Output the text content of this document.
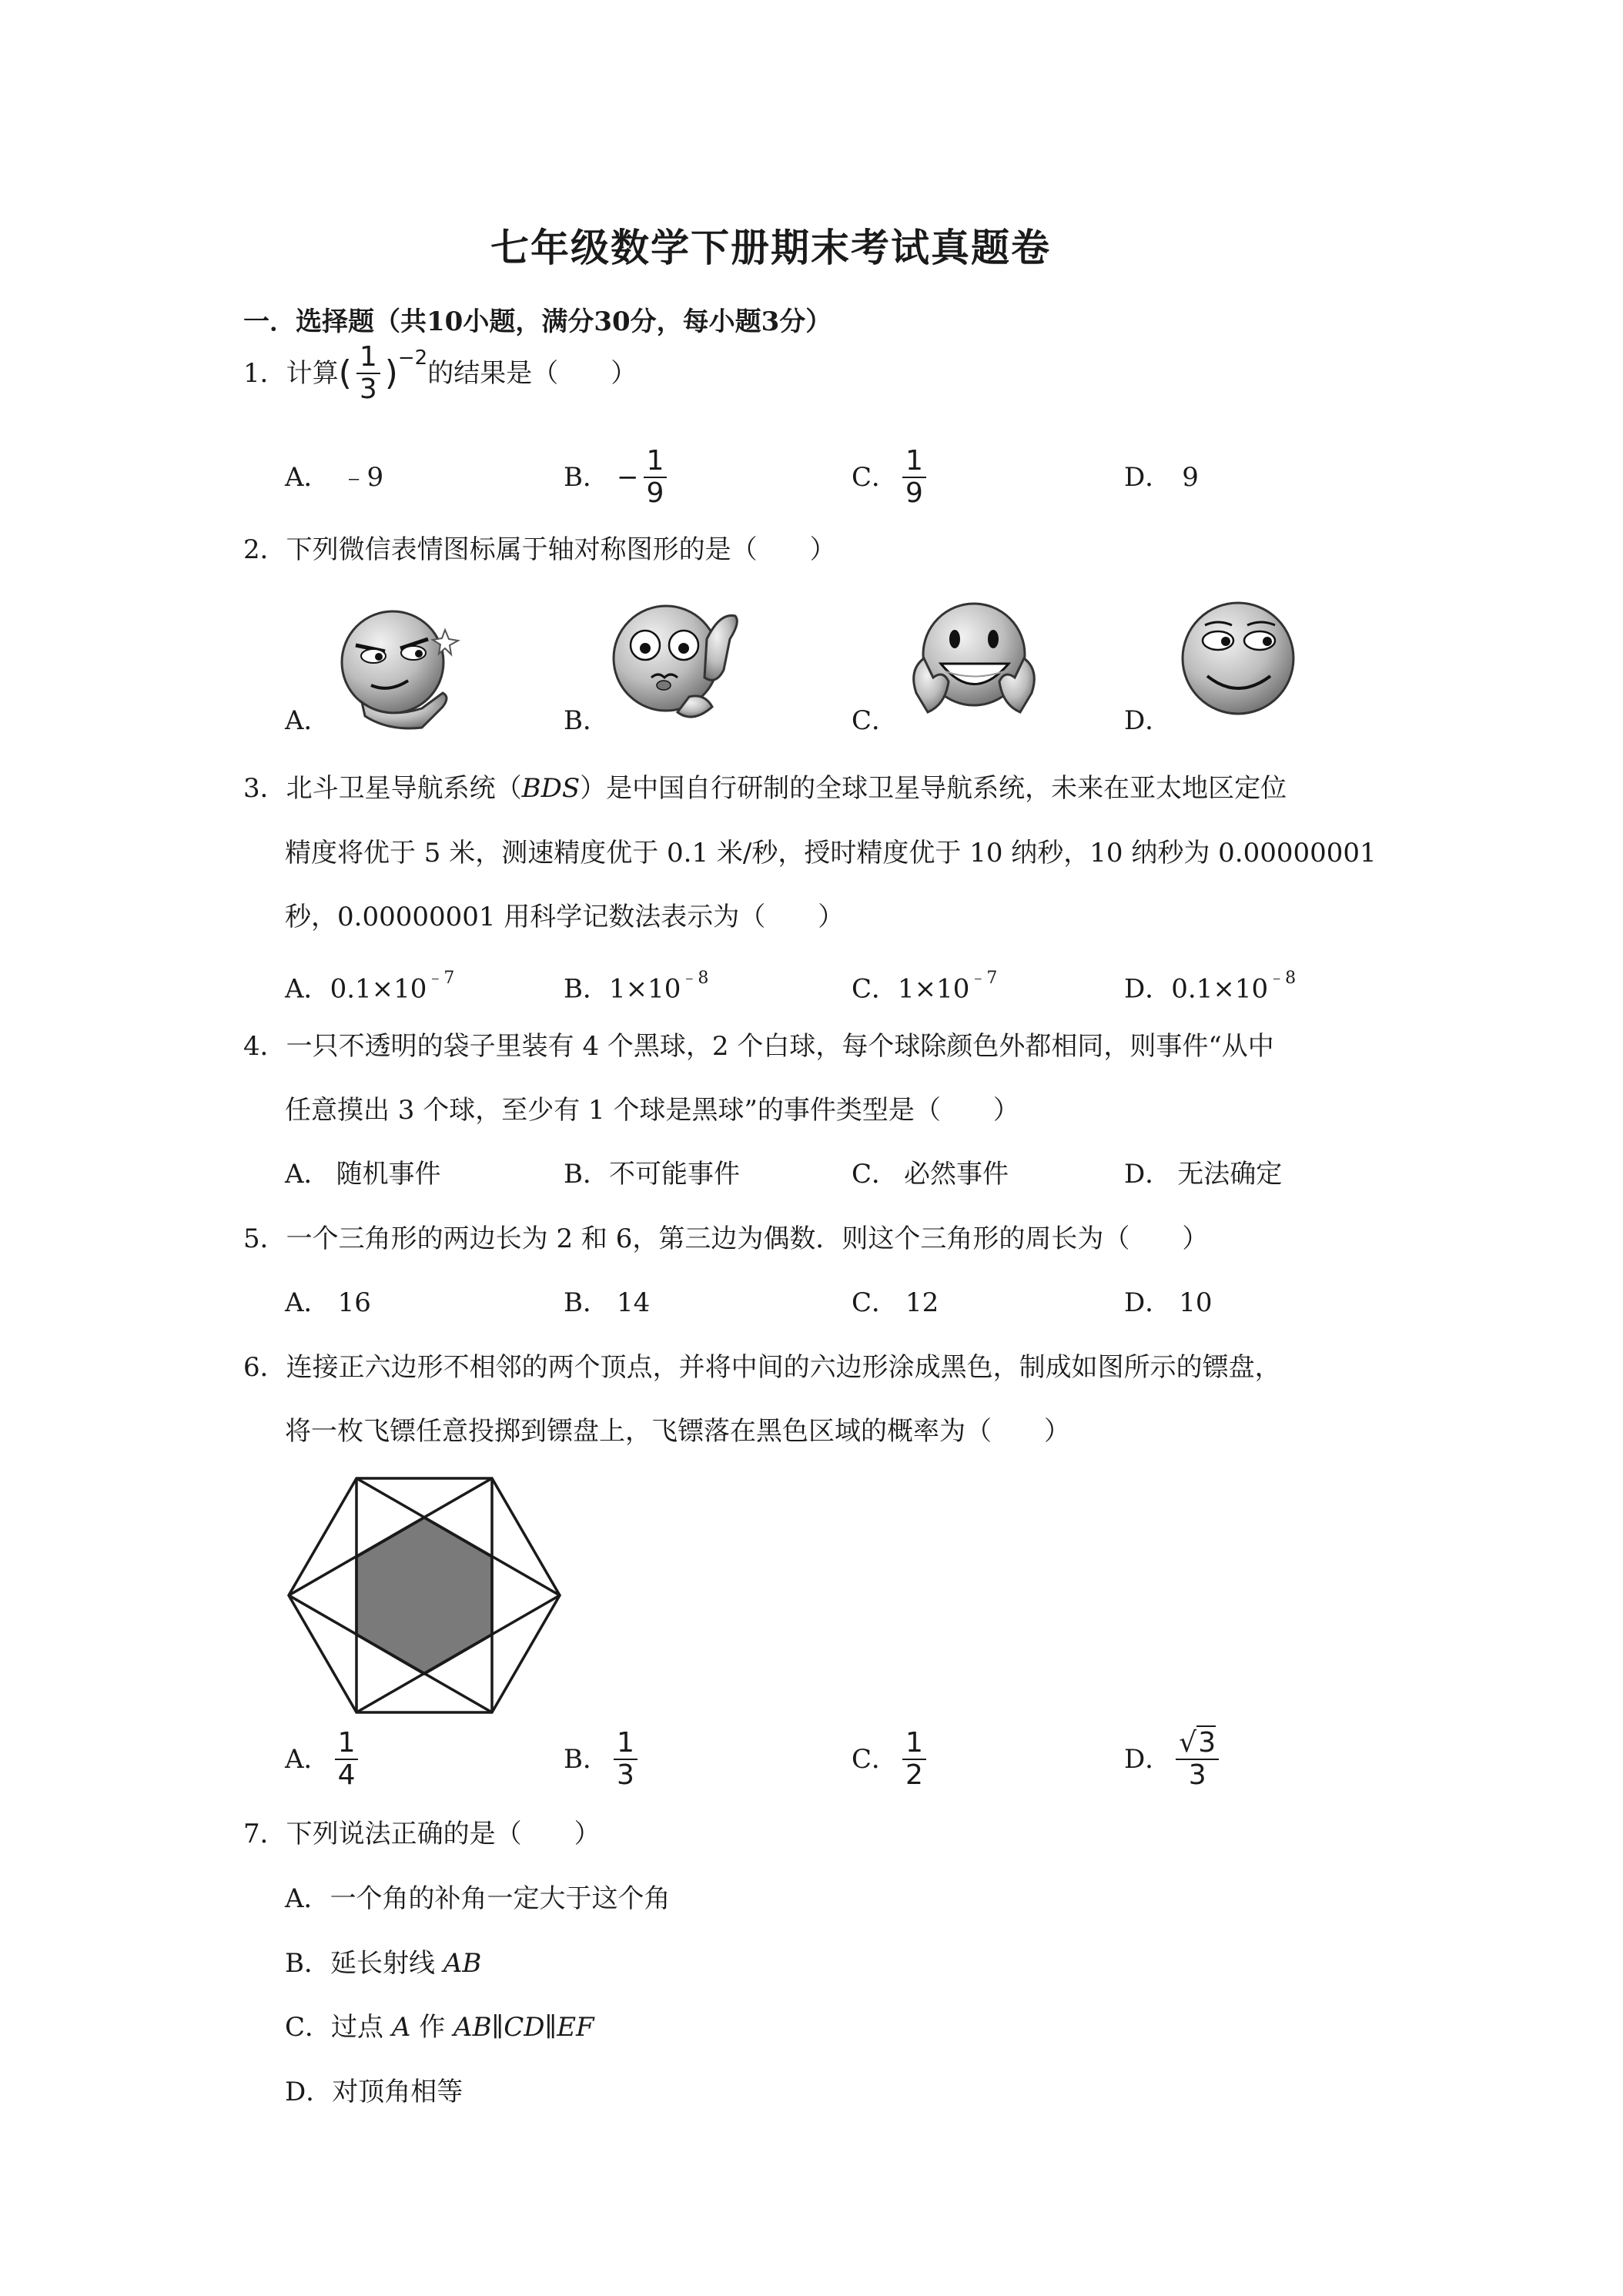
七年级数学下册期末考试真题卷
一．选择题（共10小题，满分30分，每小题3分）
1． 计算 ( $\frac{1}{3}$ ) −2 的结果是（　　）
A． ﹣9	B． − $\frac{1}{9}$	C． $\frac{1}{9}$	D． 9
2．下列微信表情图标属于轴对称图形的是（　　）
A．	B．	C．	D．
3．北斗卫星导航系统（BDS）是中国自行研制的全球卫星导航系统，未来在亚太地区定位
精度将优于 5 米，测速精度优于 0.1 米/秒，授时精度优于 10 纳秒，10 纳秒为 0.00000001
秒，0.00000001 用科学记数法表示为（　　）
A．$0.1\times 10^{﹣7}$	B．$1\times 10^{﹣8}$	C．$1\times 10^{﹣7}$	D．$0.1\times 10^{﹣8}$
4．一只不透明的袋子里装有 4 个黑球，2 个白球，每个球除颜色外都相同，则事件“从中
任意摸出 3 个球，至少有 1 个球是黑球”的事件类型是（　　）
A． 随机事件	B．不可能事件	C． 必然事件	D． 无法确定
5．一个三角形的两边长为 2 和 6，第三边为偶数．则这个三角形的周长为（　　）
A． 16	B． 14	C． 12	D． 10
6．连接正六边形不相邻的两个顶点，并将中间的六边形涂成黑色，制成如图所示的镖盘，
将一枚飞镖任意投掷到镖盘上，飞镖落在黑色区域的概率为（　　）
A． $\frac{1}{4}$	B． $\frac{1}{3}$	C． $\frac{1}{2}$	D． $\frac{√3}{3}$
7．下列说法正确的是（　　）
A．一个角的补角一定大于这个角
B．延长射线 AB
C．过点 A 作 AB∥CD∥EF
D．对顶角相等
